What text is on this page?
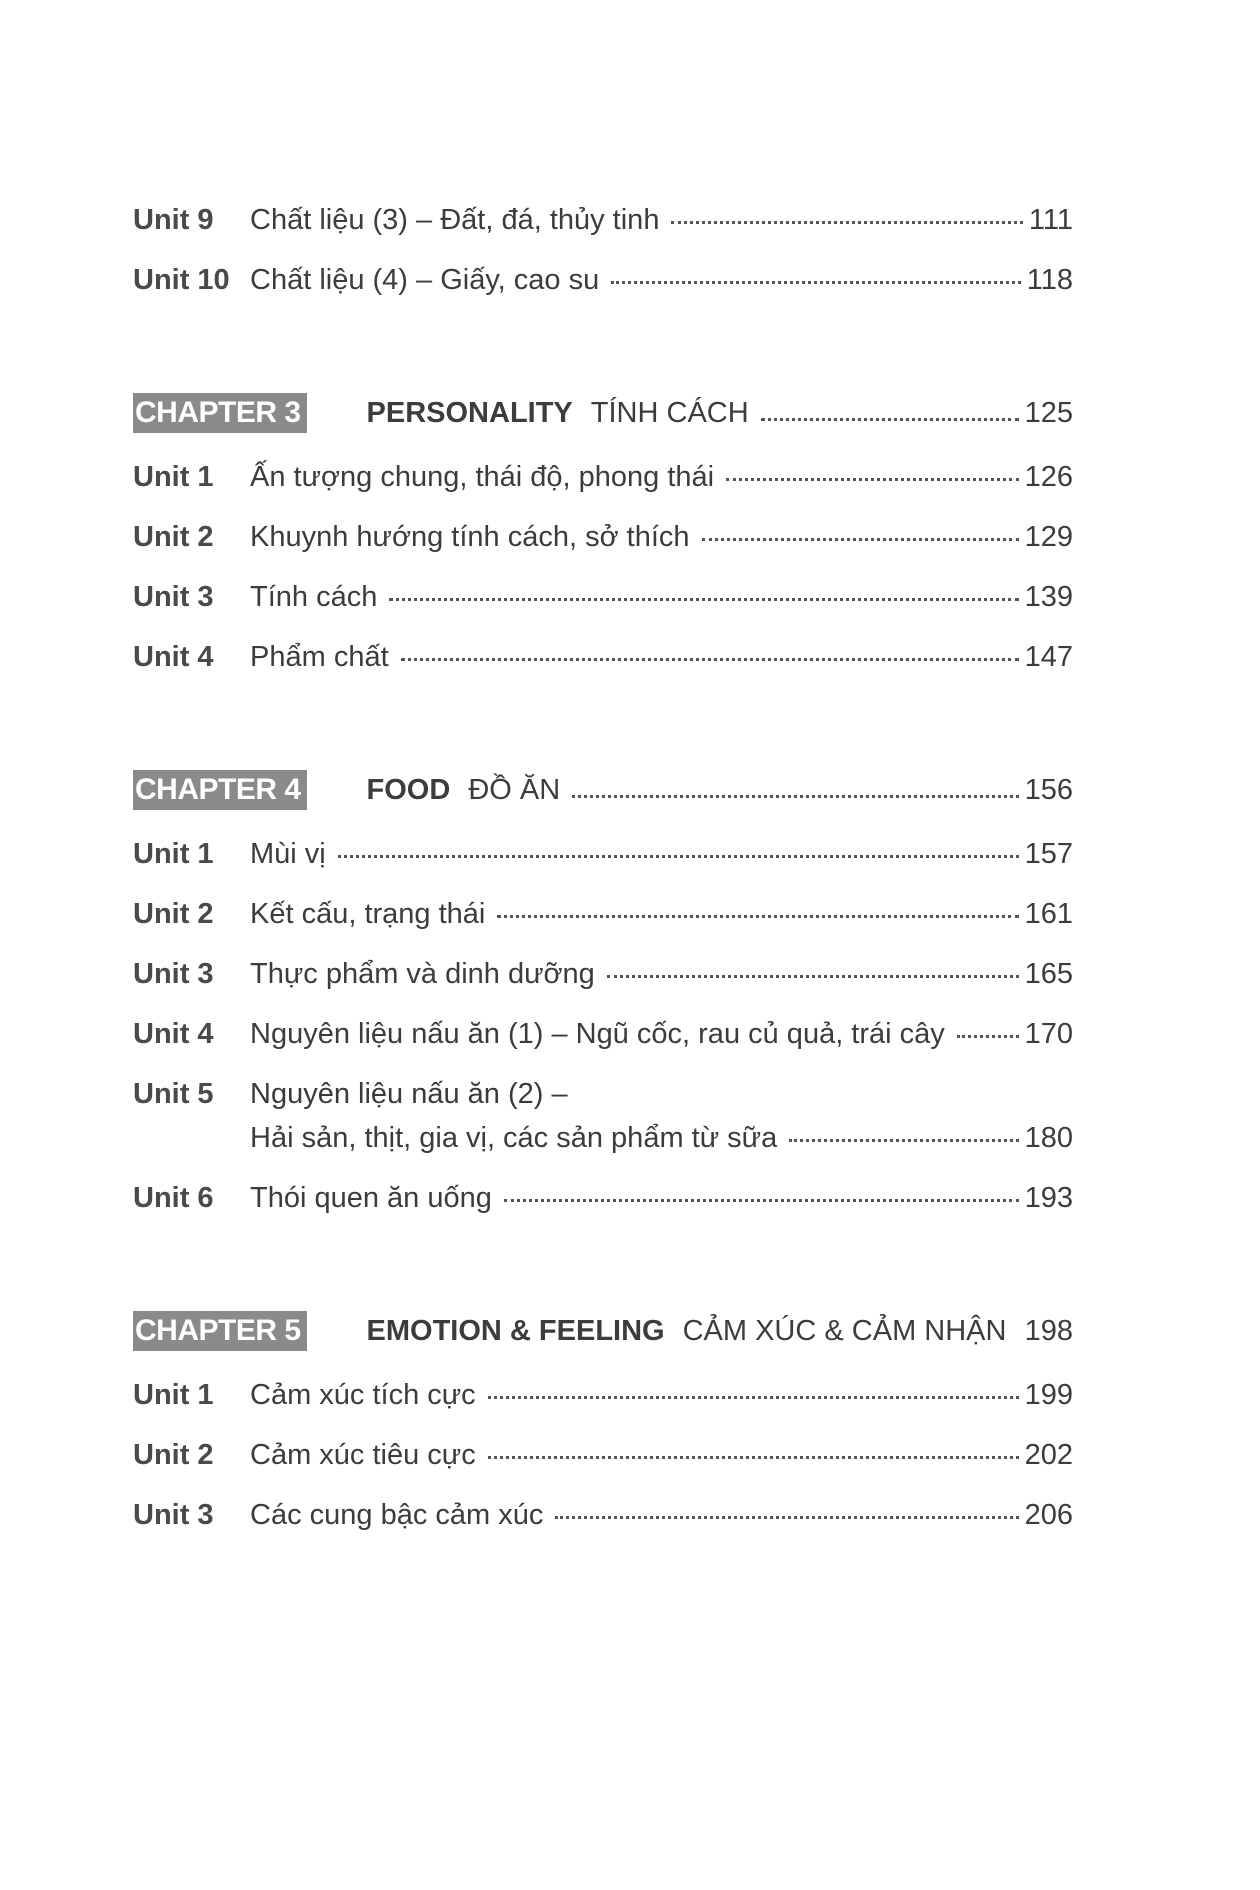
Unit 9	Chất liệu (3) – Đất, đá, thủy tinh	111
Unit 10 Chất liệu (4) – Giấy, cao su	118
CHAPTER 3 PERSONALITY TÍNH CÁCH	125
Unit 1	Ấn tượng chung, thái độ, phong thái	126
Unit 2	Khuynh hướng tính cách, sở thích	129
Unit 3	Tính cách	139
Unit 4	Phẩm chất	147
CHAPTER 4 FOOD ĐỒ ĂN	156
Unit 1	Mùi vị	157
Unit 2	Kết cấu, trạng thái	161
Unit 3	Thực phẩm và dinh dưỡng	165
Unit 4	Nguyên liệu nấu ăn (1) – Ngũ cốc, rau củ quả, trái cây	170
Unit 5	Nguyên liệu nấu ăn (2) –
Hải sản, thịt, gia vị, các sản phẩm từ sữa	180
Unit 6	Thói quen ăn uống	193
CHAPTER 5 EMOTION & FEELING CẢM XÚC & CẢM NHẬN 198
Unit 1	Cảm xúc tích cực	199
Unit 2	Cảm xúc tiêu cực	202
Unit 3	Các cung bậc cảm xúc	206
